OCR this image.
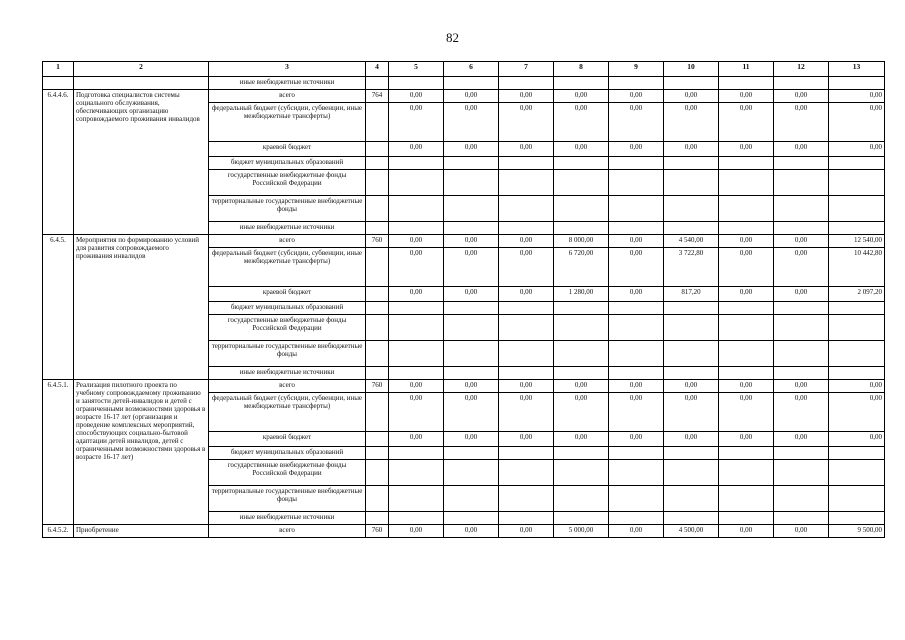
82
1	2	3	4	5	6	7	8	9	10	11	12	13
		иные внебюджетные источники										
6.4.4.6.	Подготовка специалистов системы социального обслуживания, обеспечивающих организацию сопровождаемого проживания инвалидов	всего	764	0,00	0,00	0,00	0,00	0,00	0,00	0,00	0,00	0,00
		федеральный бюджет (субсидии, субвенции, иные межбюджетные трансферты)		0,00	0,00	0,00	0,00	0,00	0,00	0,00	0,00	0,00
		краевой бюджет		0,00	0,00	0,00	0,00	0,00	0,00	0,00	0,00	0,00
		бюджет муниципальных образований										
		государственные внебюджетные фонды Российской Федерации										
		территориальные государственные внебюджетные фонды										
		иные внебюджетные источники										
6.4.5.	Мероприятия по формированию условий для развития сопровождаемого проживания инвалидов	всего	760	0,00	0,00	0,00	8 000,00	0,00	4 540,00	0,00	0,00	12 540,00
		федеральный бюджет (субсидии, субвенции, иные межбюджетные трансферты)		0,00	0,00	0,00	6 720,00	0,00	3 722,80	0,00	0,00	10 442,80
		краевой бюджет		0,00	0,00	0,00	1 280,00	0,00	817,20	0,00	0,00	2 097,20
		бюджет муниципальных образований										
		государственные внебюджетные фонды Российской Федерации										
		территориальные государственные внебюджетные фонды										
		иные внебюджетные источники										
6.4.5.1.	Реализация пилотного проекта по учебному сопровождаемому проживанию и занятости детей-инвалидов и детей с ограниченными возможностями здоровья в возрасте 16-17 лет (организация и проведение комплексных мероприятий, способствующих социально-бытовой адаптации детей инвалидов, детей с ограниченными возможностями здоровья в возрасте 16-17 лет)	всего	760	0,00	0,00	0,00	0,00	0,00	0,00	0,00	0,00	0,00
		федеральный бюджет (субсидии, субвенции, иные межбюджетные трансферты)		0,00	0,00	0,00	0,00	0,00	0,00	0,00	0,00	0,00
		краевой бюджет		0,00	0,00	0,00	0,00	0,00	0,00	0,00	0,00	0,00
		бюджет муниципальных образований										
		государственные внебюджетные фонды Российской Федерации										
		территориальные государственные внебюджетные фонды										
		иные внебюджетные источники										
6.4.5.2.	Приобретение	всего	760	0,00	0,00	0,00	5 000,00	0,00	4 500,00	0,00	0,00	9 500,00
